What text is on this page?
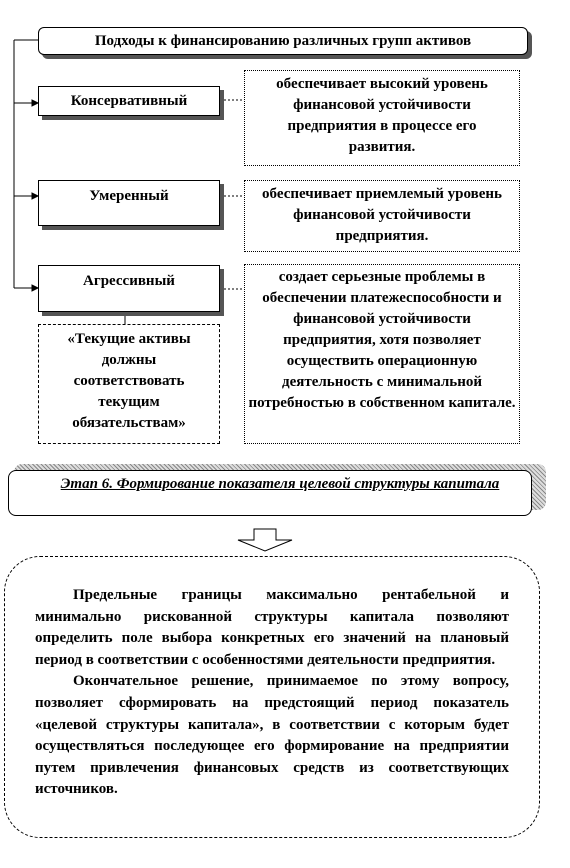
Подходы к финансированию различных групп активов
Консервативный
Умеренный
Агрессивный
обеспечивает высокий уровень финансовой устойчивости предприятия в процессе его развития.
обеспечивает приемлемый уровень финансовой устойчивости предприятия.
создает серьезные проблемы в обеспечении платежеспособности и финансовой устойчивости предприятия, хотя позволяет осуществить операционную деятельность с минимальной потребностью в собственном капитале.
«Текущие активы должны соответствовать текущим обязательствам»
Этап 6. Формирование показателя целевой структуры капитала

Предельные границы максимально рентабельной и минимально рискованной структуры капитала позволяют определить поле выбора конкретных его значений на плановый период в соответствии с особенностями деятельности предприятия.

Окончательное решение, принимаемое по этому вопросу, позволяет сформировать на предстоящий период показатель «целевой структуры капитала», в соответствии с которым будет осуществляться последующее его формирование на предприятии путем привлечения финансовых средств из соответствующих источников.
